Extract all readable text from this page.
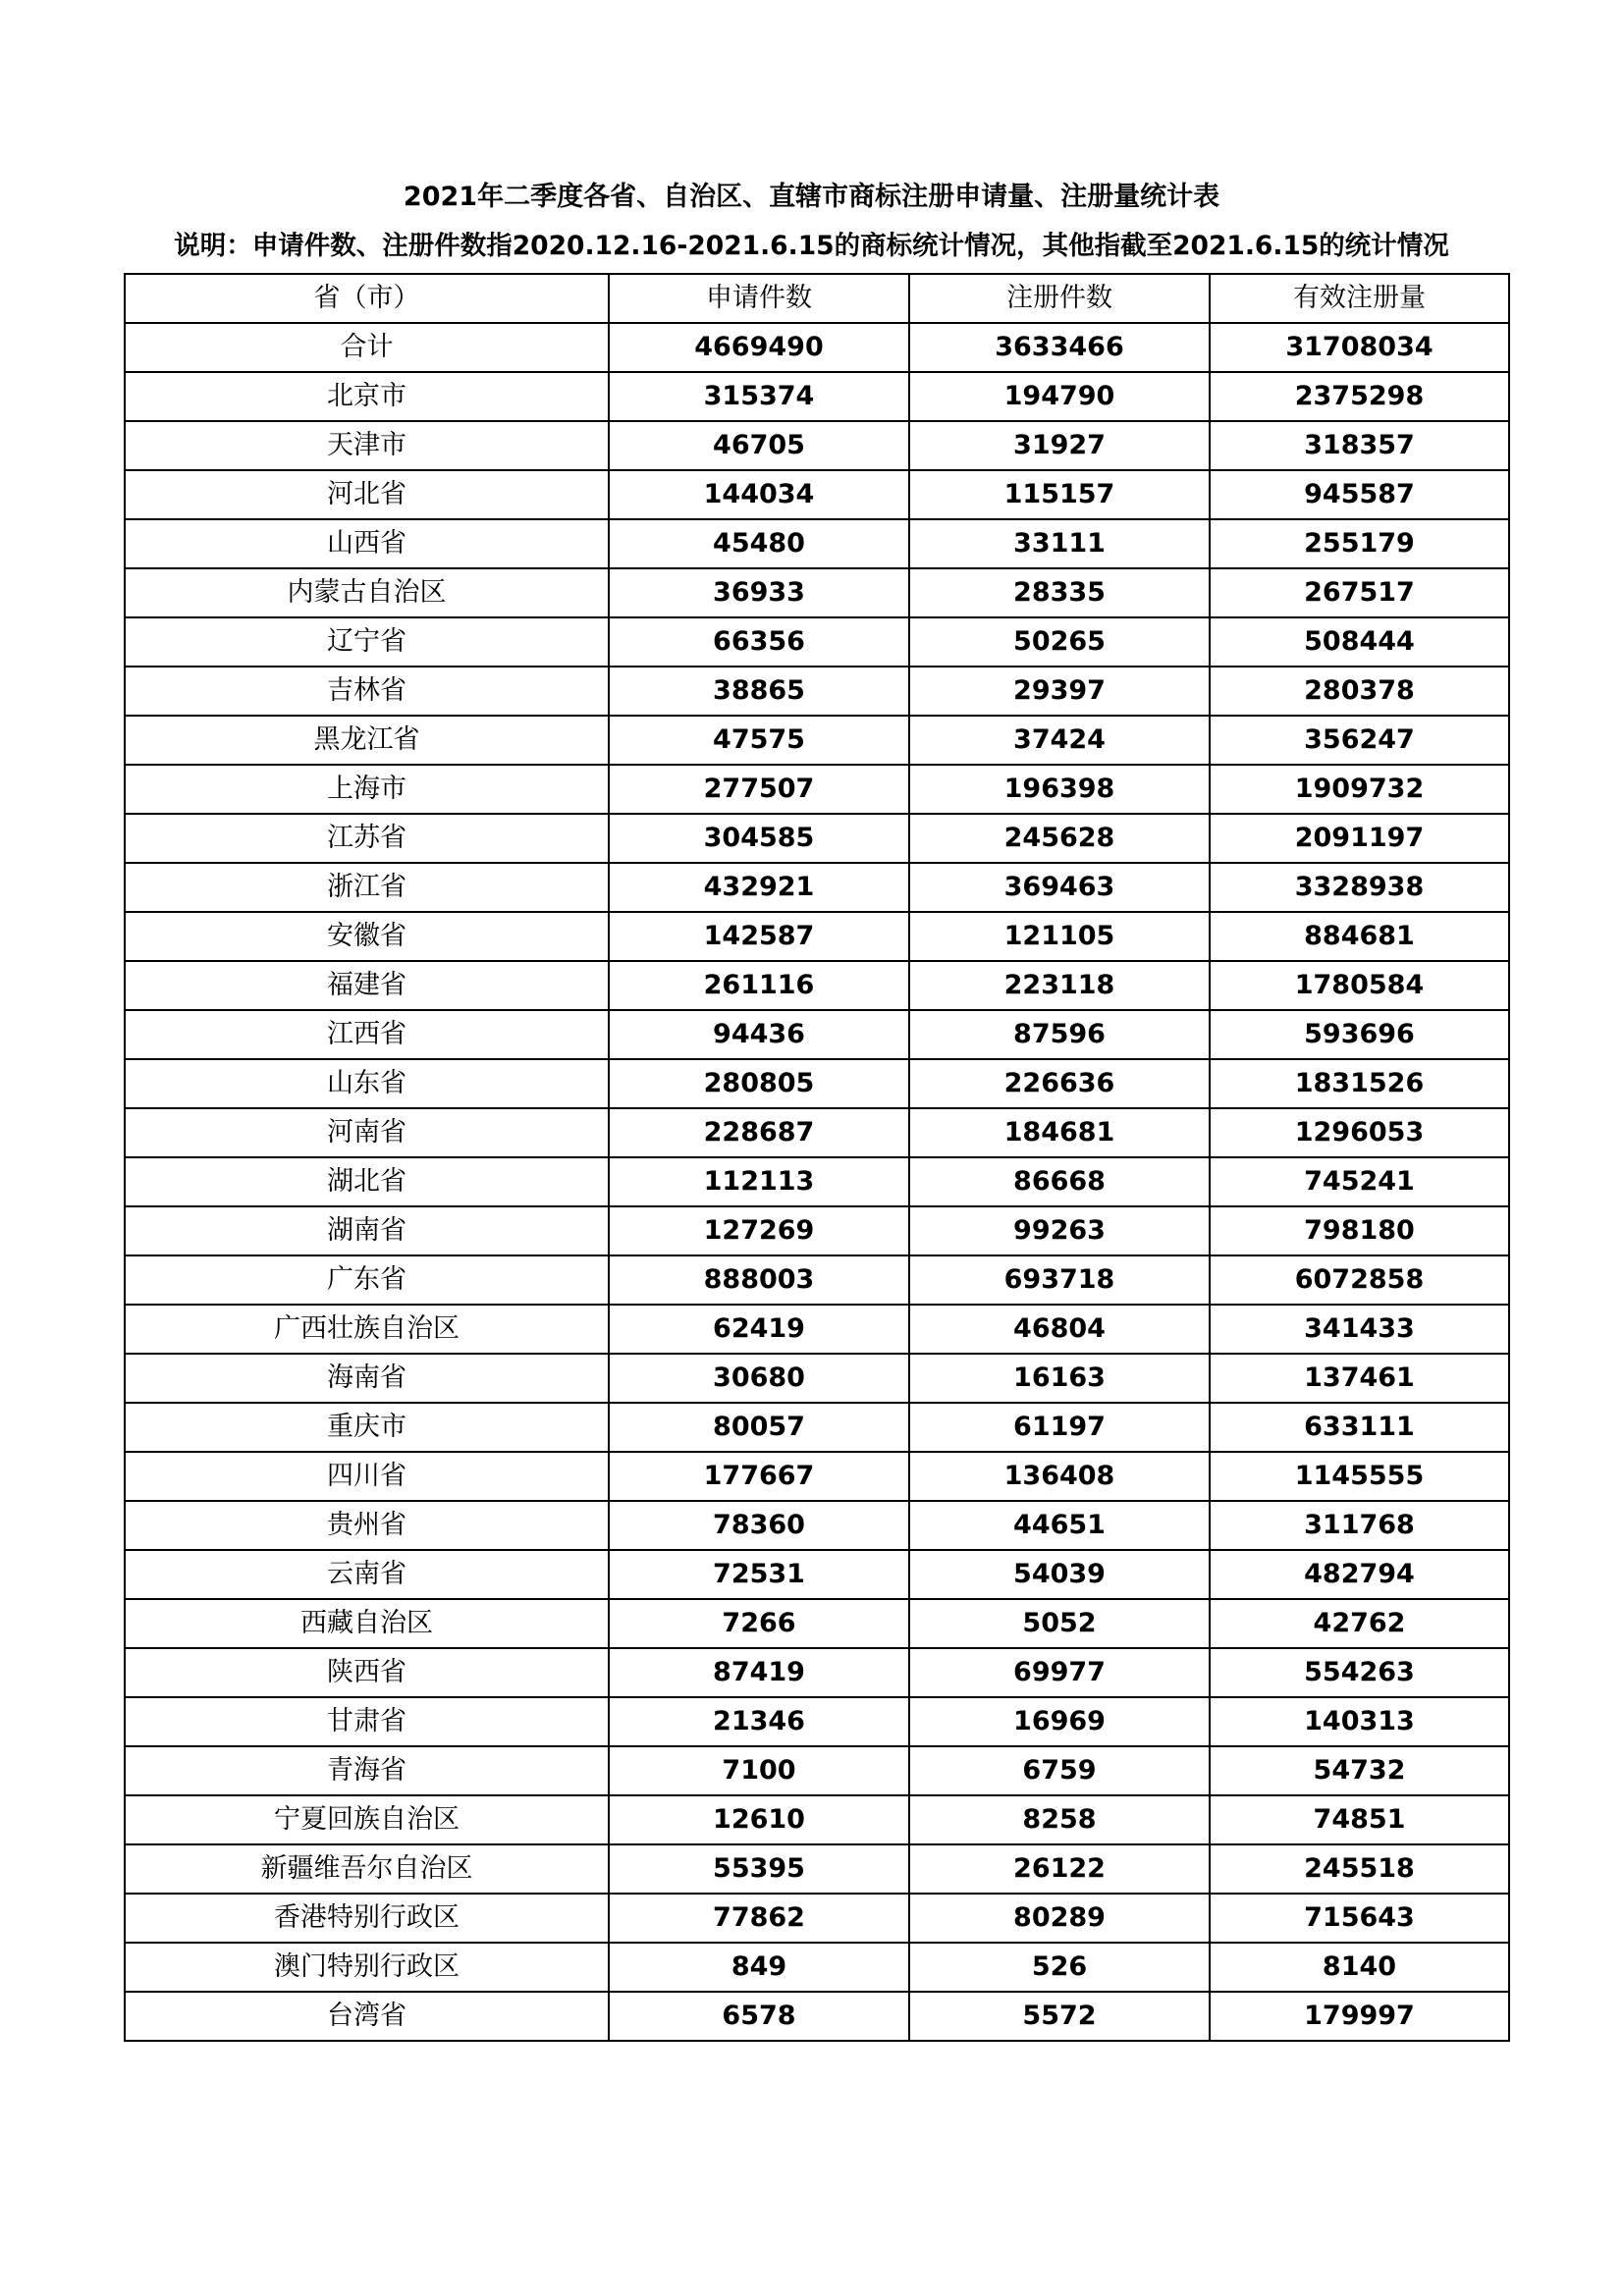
2021年二季度各省、自治区、直辖市商标注册申请量、注册量统计表
说明：申请件数、注册件数指2020.12.16-2021.6.15的商标统计情况，其他指截至2021.6.15的统计情况
省（市）	申请件数	注册件数	有效注册量
合计	4669490	3633466	31708034
北京市	315374	194790	2375298
天津市	46705	31927	318357
河北省	144034	115157	945587
山西省	45480	33111	255179
内蒙古自治区	36933	28335	267517
辽宁省	66356	50265	508444
吉林省	38865	29397	280378
黑龙江省	47575	37424	356247
上海市	277507	196398	1909732
江苏省	304585	245628	2091197
浙江省	432921	369463	3328938
安徽省	142587	121105	884681
福建省	261116	223118	1780584
江西省	94436	87596	593696
山东省	280805	226636	1831526
河南省	228687	184681	1296053
湖北省	112113	86668	745241
湖南省	127269	99263	798180
广东省	888003	693718	6072858
广西壮族自治区	62419	46804	341433
海南省	30680	16163	137461
重庆市	80057	61197	633111
四川省	177667	136408	1145555
贵州省	78360	44651	311768
云南省	72531	54039	482794
西藏自治区	7266	5052	42762
陕西省	87419	69977	554263
甘肃省	21346	16969	140313
青海省	7100	6759	54732
宁夏回族自治区	12610	8258	74851
新疆维吾尔自治区	55395	26122	245518
香港特别行政区	77862	80289	715643
澳门特别行政区	849	526	8140
台湾省	6578	5572	179997
